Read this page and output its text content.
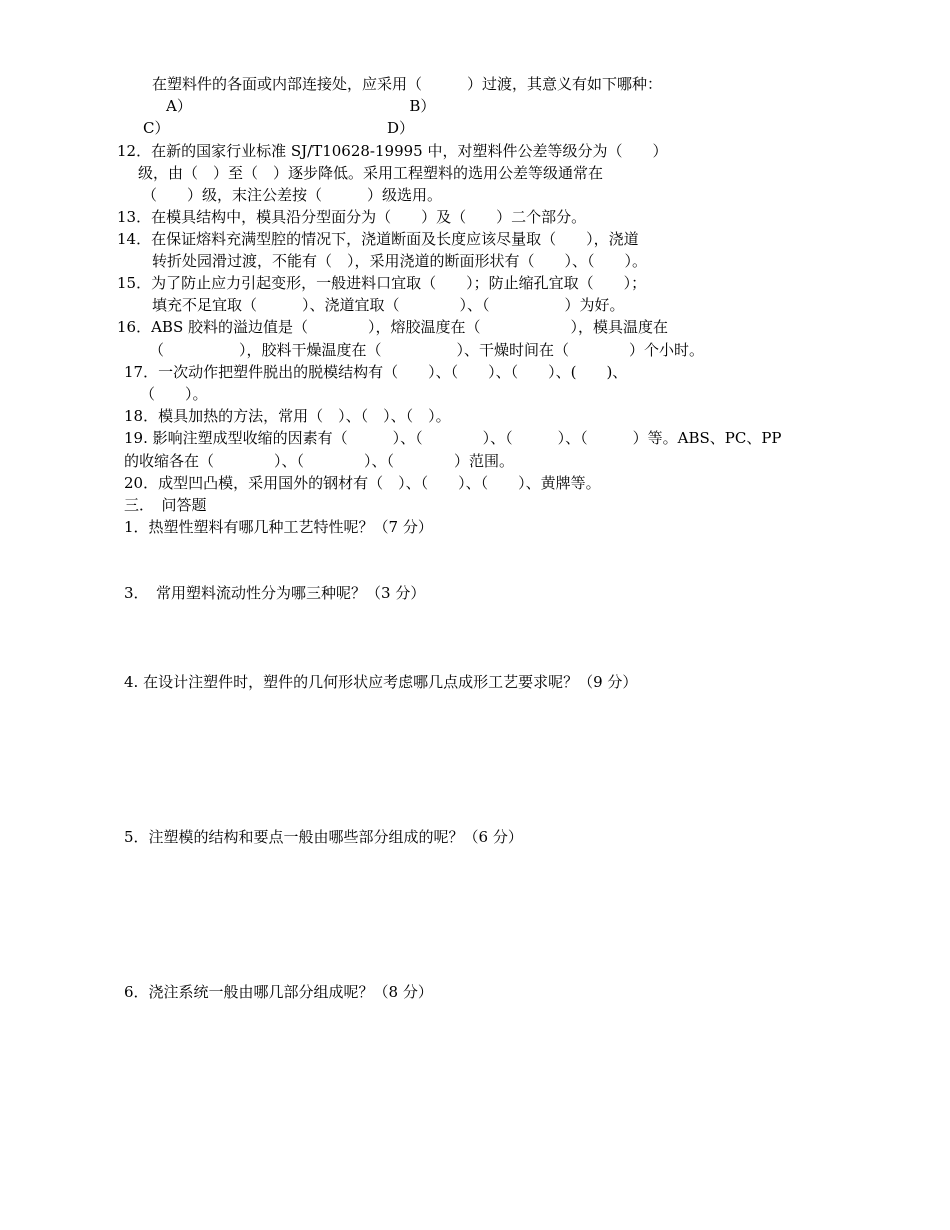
在塑料件的各面或内部连接处，应采用（　　　）过渡，其意义有如下哪种：
A）　　　　　　　　　　　　　　　B）
C）　　　　　　　　　　　　　　　D）
12．在新的国家行业标准 SJ/T10628-19995 中，对塑料件公差等级分为（　　）
级，由（　）至（　）逐步降低。采用工程塑料的选用公差等级通常在
（　　）级，末注公差按（　　　）级选用。
13．在模具结构中，模具沿分型面分为（　　）及（　　）二个部分。
14．在保证熔料充满型腔的情况下，浇道断面及长度应该尽量取（　　），浇道
转折处园滑过渡，不能有（　），采用浇道的断面形状有（　　）、（　　）。
15．为了防止应力引起变形，一般进料口宜取（　　）；防止缩孔宜取（　　）；
填充不足宜取（　　　）、浇道宜取（　　　　）、（　　　　　）为好。
16．ABS 胶料的溢边值是（　　　　），熔胶温度在（　　　　　　），模具温度在
（　　　　　），胶料干燥温度在（　　　　　）、干燥时间在（　　　　）个小时。
17．一次动作把塑件脱出的脱模结构有（　　）、（　　）、（　　）、(　　)、
（　　）。
18．模具加热的方法，常用（　）、（　）、（　）。
19. 影响注塑成型收缩的因素有（　　　）、（　　　　）、（　　　）、（　　　）等。ABS、PC、PP
的收缩各在（　　　　）、（　　　　）、（　　　　）范围。
20．成型凹凸模，采用国外的钢材有（　）、（　　）、（　　）、黄牌等。
三．　问答题
1．热塑性塑料有哪几种工艺特性呢？（7 分）
3．　常用塑料流动性分为哪三种呢？（3 分）
4. 在设计注塑件时，塑件的几何形状应考虑哪几点成形工艺要求呢？（9 分）
5．注塑模的结构和要点一般由哪些部分组成的呢？（6 分）
6．浇注系统一般由哪几部分组成呢？（8 分）
